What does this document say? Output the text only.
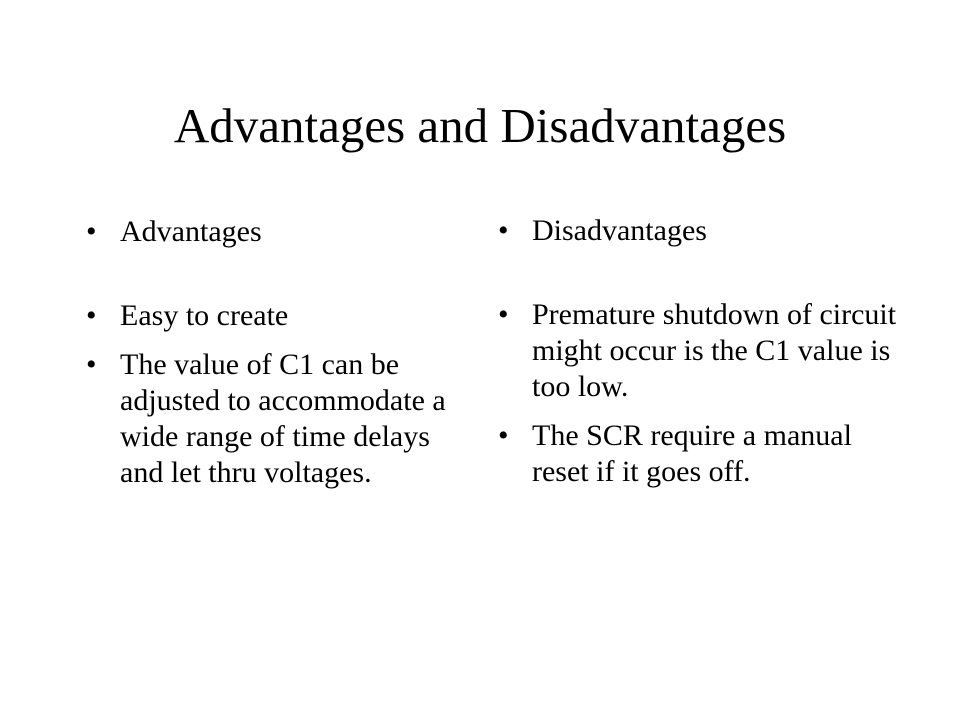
Advantages and Disadvantages
• Advantages
• Easy to create
• The value of C1 can be adjusted to accommodate a wide range of time delays and let thru voltages.
• Disadvantages
• Premature shutdown of circuit might occur is the C1 value is too low.
• The SCR require a manual reset if it goes off.
